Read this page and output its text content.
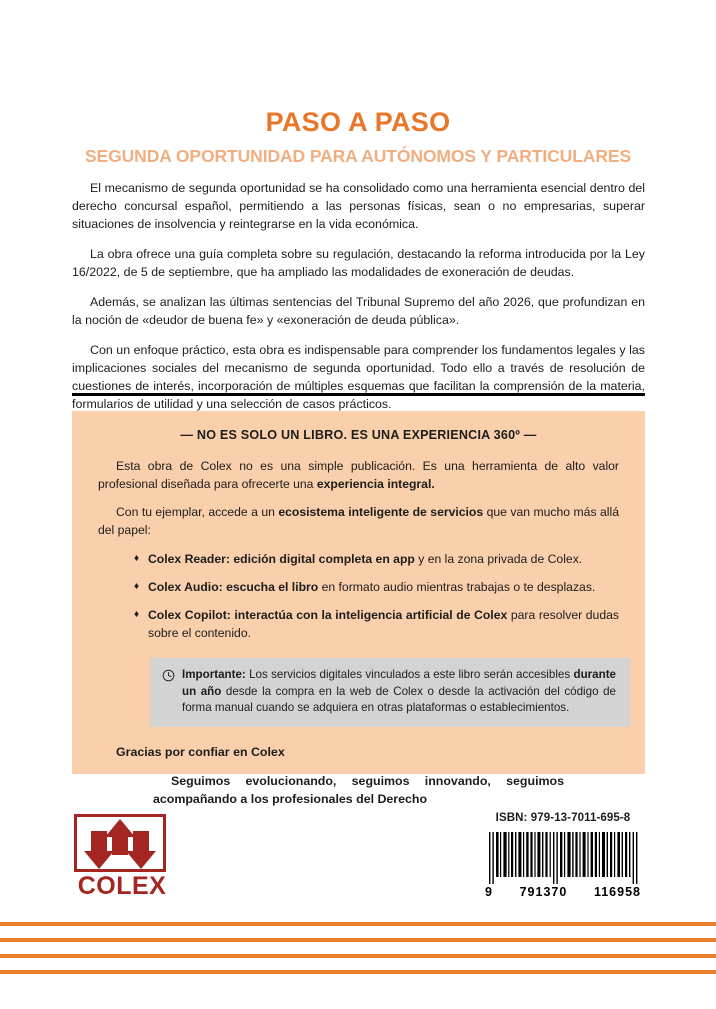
PASO A PASO
SEGUNDA OPORTUNIDAD PARA AUTÓNOMOS Y PARTICULARES

El mecanismo de segunda oportunidad se ha consolidado como una herramienta esencial dentro del derecho concursal español, permitiendo a las personas físicas, sean o no empresarias, superar situaciones de insolvencia y reintegrarse en la vida económica.

La obra ofrece una guía completa sobre su regulación, destacando la reforma introducida por la Ley 16/2022, de 5 de septiembre, que ha ampliado las modalidades de exoneración de deudas.

Además, se analizan las últimas sentencias del Tribunal Supremo del año 2026, que profundizan en la noción de «deudor de buena fe» y «exoneración de deuda pública».

Con un enfoque práctico, esta obra es indispensable para comprender los fundamentos legales y las implicaciones sociales del mecanismo de segunda oportunidad. Todo ello a través de resolución de cuestiones de interés, incorporación de múltiples esquemas que facilitan la comprensión de la materia, formularios de utilidad y una selección de casos prácticos.

— NO ES SOLO UN LIBRO. ES UNA EXPERIENCIA 360º —

Esta obra de Colex no es una simple publicación. Es una herramienta de alto valor profesional diseñada para ofrecerte una experiencia integral.

Con tu ejemplar, accede a un ecosistema inteligente de servicios que van mucho más allá del papel:

♦ Colex Reader: edición digital completa en app y en la zona privada de Colex.
♦ Colex Audio: escucha el libro en formato audio mientras trabajas o te desplazas.
♦ Colex Copilot: interactúa con la inteligencia artificial de Colex para resolver dudas sobre el contenido.
Importante: Los servicios digitales vinculados a este libro serán accesibles durante un año desde la compra en la web de Colex o desde la activación del código de forma manual cuando se adquiera en otras plataformas o establecimientos.

Gracias por confiar en Colex

Seguimos evolucionando, seguimos innovando, seguimos acompañando a los profesionales del Derecho

COLEX
ISBN: 979-13-7011-695-8
9 791370 116958
